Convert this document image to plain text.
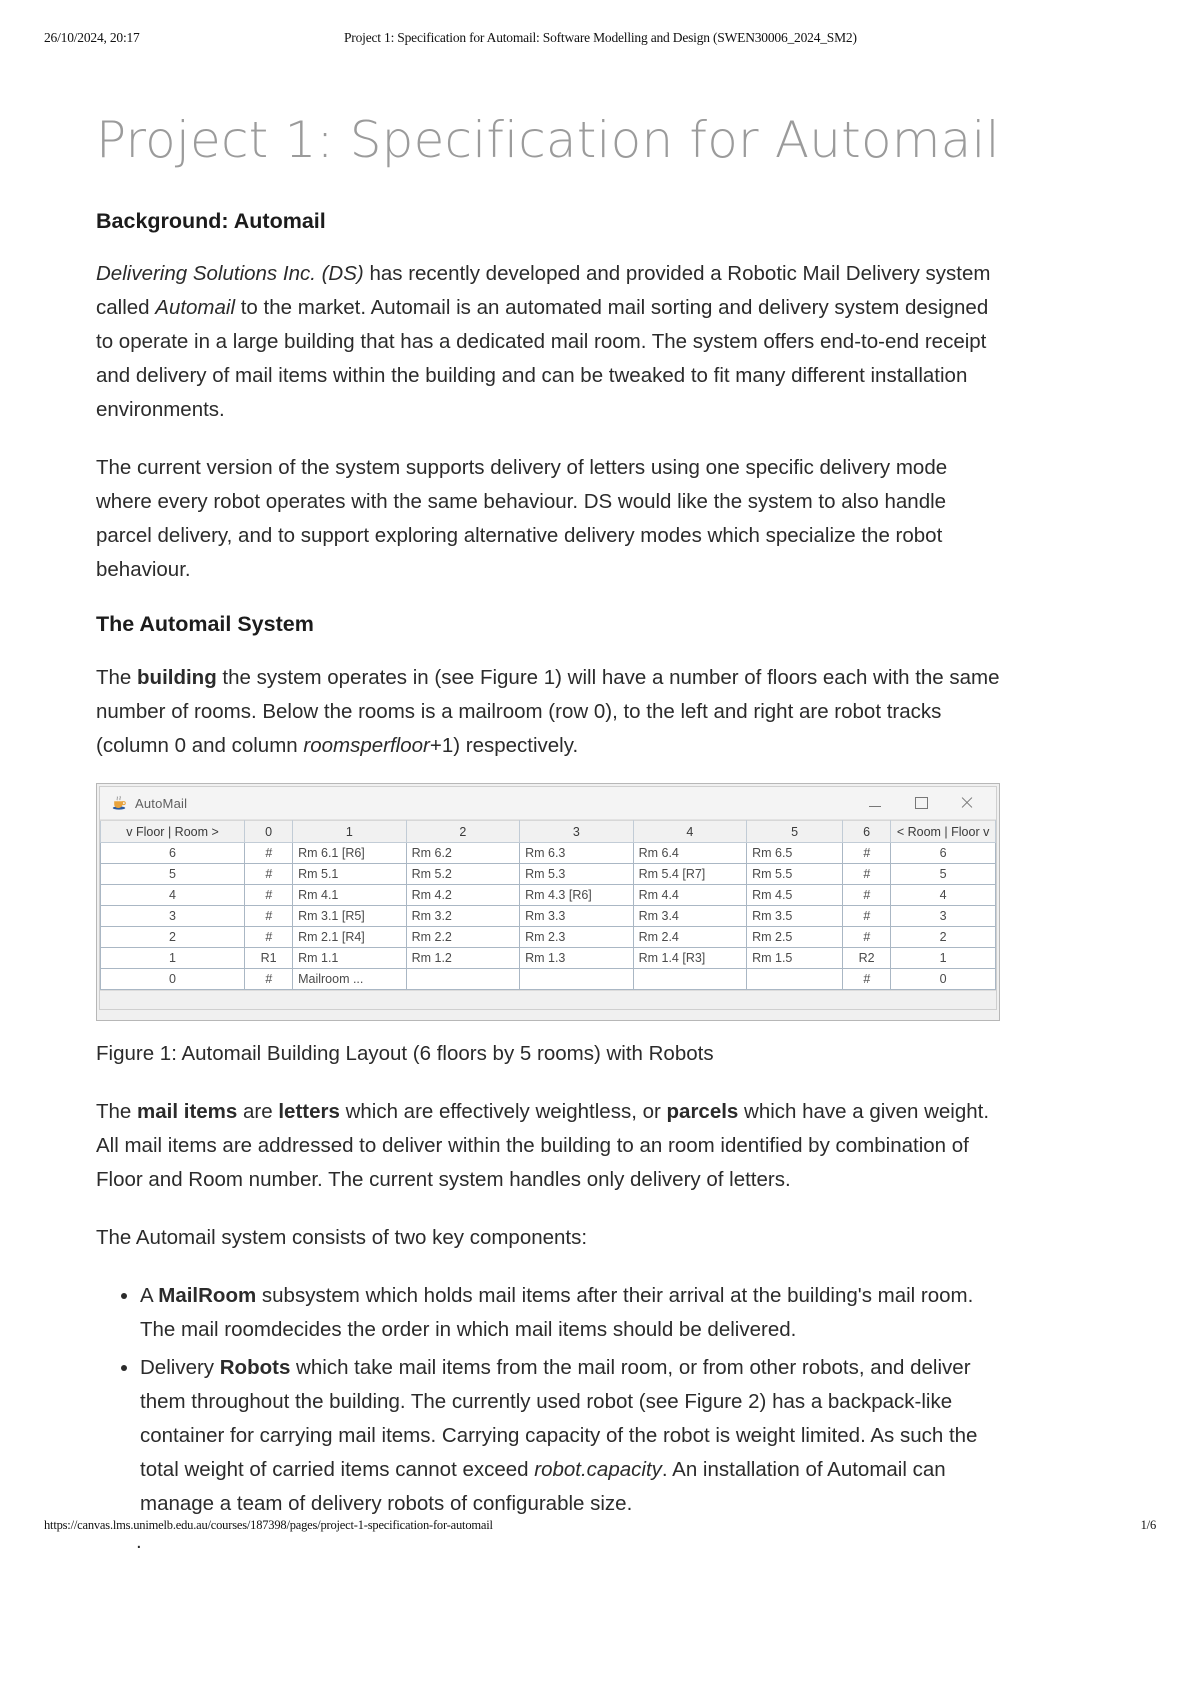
26/10/2024, 20:17	Project 1: Specification for Automail: Software Modelling and Design (SWEN30006_2024_SM2)
Project 1: Specification for Automail
Background: Automail

Delivering Solutions Inc. (DS) has recently developed and provided a Robotic Mail Delivery system called Automail to the market. Automail is an automated mail sorting and delivery system designed to operate in a large building that has a dedicated mail room. The system offers end-to-end receipt and delivery of mail items within the building and can be tweaked to fit many different installation environments.

The current version of the system supports delivery of letters using one specific delivery mode where every robot operates with the same behaviour. DS would like the system to also handle parcel delivery, and to support exploring alternative delivery modes which specialize the robot behaviour.

The Automail System

The building the system operates in (see Figure 1) will have a number of floors each with the same number of rooms. Below the rooms is a mailroom (row 0), to the left and right are robot tracks (column 0 and column roomsperfloor+1) respectively.

AutoMail
v Floor | Room >	0	1	2	3	4	5	6	< Room | Floor v
6	#	Rm 6.1 [R6]	Rm 6.2	Rm 6.3	Rm 6.4	Rm 6.5	#	6
5	#	Rm 5.1	Rm 5.2	Rm 5.3	Rm 5.4 [R7]	Rm 5.5	#	5
4	#	Rm 4.1	Rm 4.2	Rm 4.3 [R6]	Rm 4.4	Rm 4.5	#	4
3	#	Rm 3.1 [R5]	Rm 3.2	Rm 3.3	Rm 3.4	Rm 3.5	#	3
2	#	Rm 2.1 [R4]	Rm 2.2	Rm 2.3	Rm 2.4	Rm 2.5	#	2
1	R1	Rm 1.1	Rm 1.2	Rm 1.3	Rm 1.4 [R3]	Rm 1.5	R2	1
0	#	Mailroom ...					#	0

Figure 1: Automail Building Layout (6 floors by 5 rooms) with Robots

The mail items are letters which are effectively weightless, or parcels which have a given weight. All mail items are addressed to deliver within the building to an room identified by combination of Floor and Room number. The current system handles only delivery of letters.

The Automail system consists of two key components:

• A MailRoom subsystem which holds mail items after their arrival at the building's mail room. The mail roomdecides the order in which mail items should be delivered.
• Delivery Robots which take mail items from the mail room, or from other robots, and deliver them throughout the building. The currently used robot (see Figure 2) has a backpack-like container for carrying mail items. Carrying capacity of the robot is weight limited. As such the total weight of carried items cannot exceed robot.capacity. An installation of Automail can manage a team of delivery robots of configurable size.
.
https://canvas.lms.unimelb.edu.au/courses/187398/pages/project-1-specification-for-automail	1/6
